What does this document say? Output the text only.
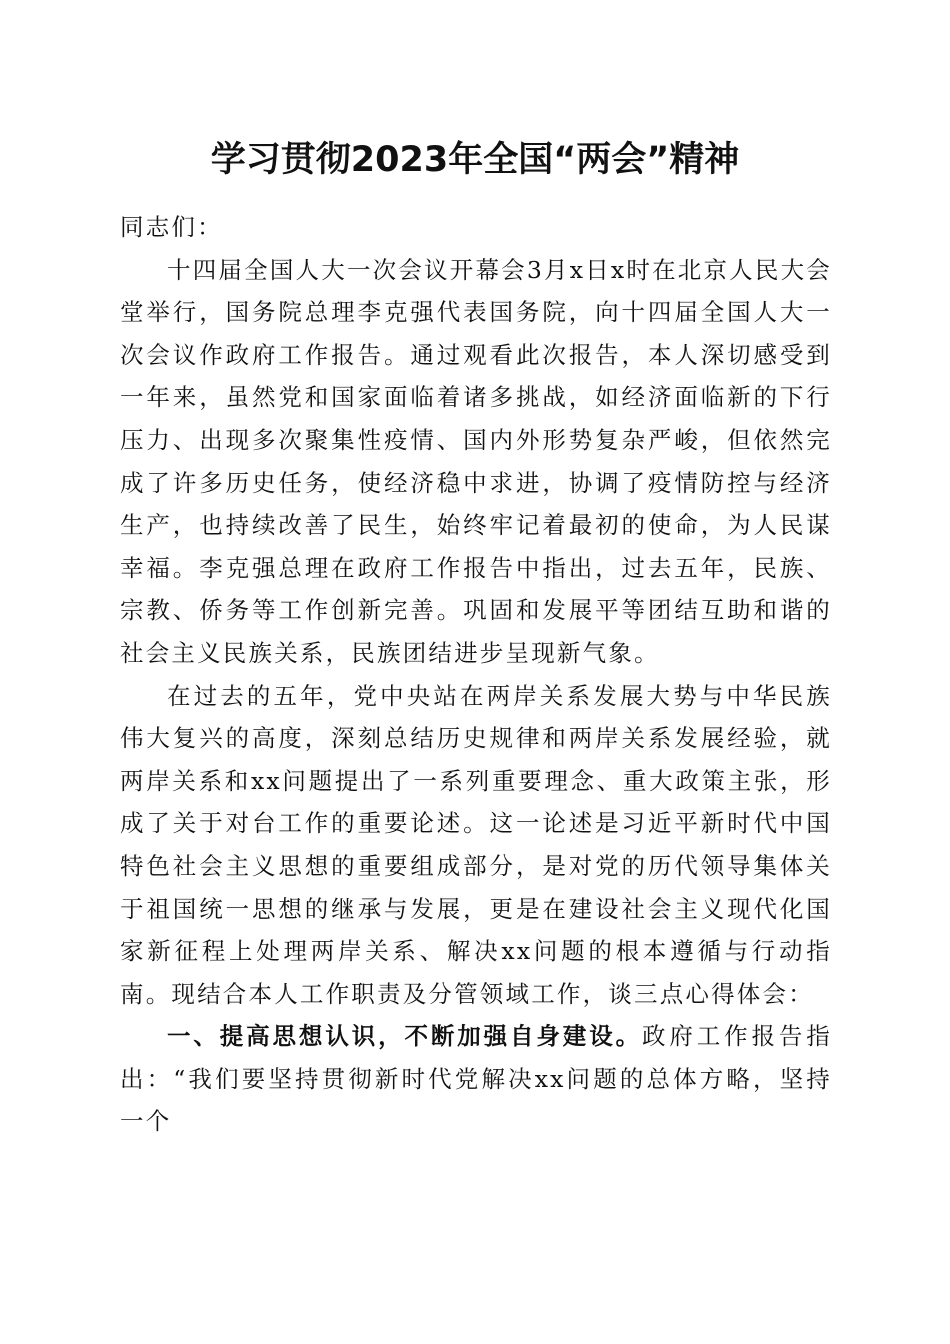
学习贯彻2023年全国“两会”精神

同志们：

十四届全国人大一次会议开幕会3月x日x时在北京人民大会堂举行，国务院总理李克强代表国务院，向十四届全国人大一次会议作政府工作报告。通过观看此次报告，本人深切感受到一年来，虽然党和国家面临着诸多挑战，如经济面临新的下行压力、出现多次聚集性疫情、国内外形势复杂严峻，但依然完成了许多历史任务，使经济稳中求进，协调了疫情防控与经济生产，也持续改善了民生，始终牢记着最初的使命，为人民谋幸福。李克强总理在政府工作报告中指出，过去五年，民族、宗教、侨务等工作创新完善。巩固和发展平等团结互助和谐的社会主义民族关系，民族团结进步呈现新气象。

在过去的五年，党中央站在两岸关系发展大势与中华民族伟大复兴的高度，深刻总结历史规律和两岸关系发展经验，就两岸关系和xx问题提出了一系列重要理念、重大政策主张，形成了关于对台工作的重要论述。这一论述是习近平新时代中国特色社会主义思想的重要组成部分，是对党的历代领导集体关于祖国统一思想的继承与发展，更是在建设社会主义现代化国家新征程上处理两岸关系、解决xx问题的根本遵循与行动指南。现结合本人工作职责及分管领域工作，谈三点心得体会：

一、提高思想认识，不断加强自身建设。政府工作报告指出：“我们要坚持贯彻新时代党解决xx问题的总体方略，坚持一个
